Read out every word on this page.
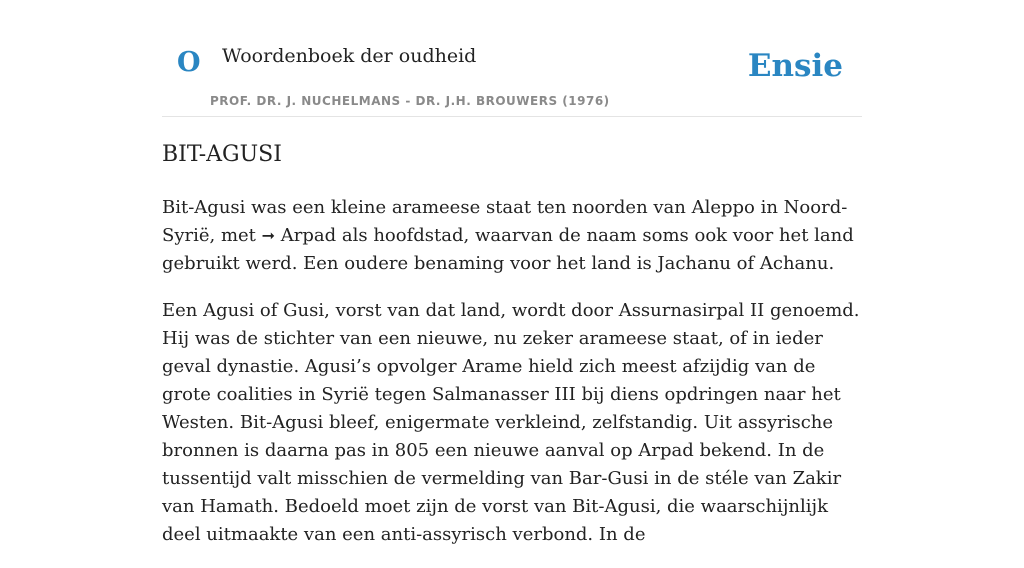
O Woordenboek der oudheid
PROF. DR. J. NUCHELMANS - DR. J.H. BROUWERS (1976)
Ensie
BIT-AGUSI

Bit-Agusi was een kleine arameese staat ten noorden van Aleppo in Noord-Syrië, met ➞ Arpad als hoofdstad, waarvan de naam soms ook voor het land gebruikt werd. Een oudere benaming voor het land is Jachanu of Achanu.

Een Agusi of Gusi, vorst van dat land, wordt door Assurnasirpal II genoemd. Hij was de stichter van een nieuwe, nu zeker arameese staat, of in ieder geval dynastie. Agusi’s opvolger Arame hield zich meest afzijdig van de grote coalities in Syrië tegen Salmanasser III bij diens opdringen naar het Westen. Bit-Agusi bleef, enigermate verkleind, zelfstandig. Uit assyrische bronnen is daarna pas in 805 een nieuwe aanval op Arpad bekend. In de tussentijd valt misschien de vermelding van Bar-Gusi in de stéle van Zakir van Hamath. Bedoeld moet zijn de vorst van Bit-Agusi, die waarschijnlijk deel uitmaakte van een anti-assyrisch verbond. In de
